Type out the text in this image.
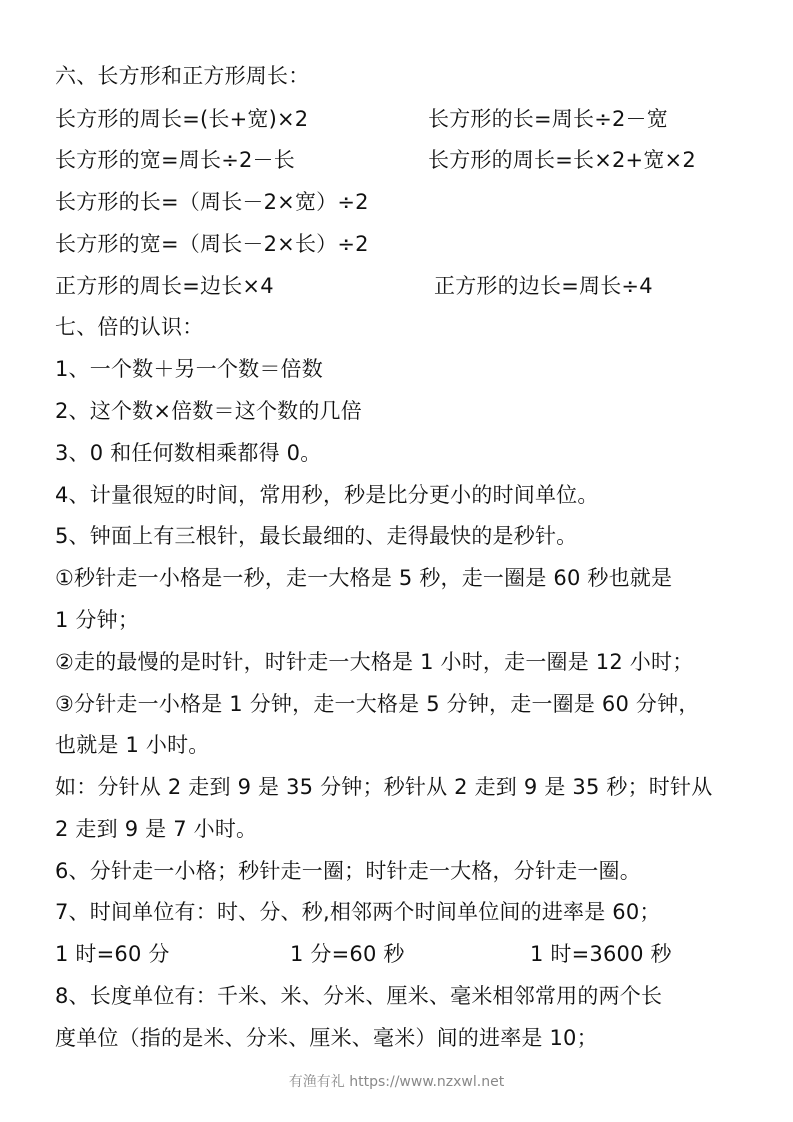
六、长方形和正方形周长：
长方形的周长=(长+宽)×2	长方形的长=周长÷2－宽
长方形的宽=周长÷2－长	长方形的周长=长×2+宽×2
长方形的长=（周长－2×宽）÷2
长方形的宽=（周长－2×长）÷2
正方形的周长=边长×4	正方形的边长=周长÷4
七、倍的认识：
1、一个数＋另一个数＝倍数
2、这个数×倍数＝这个数的几倍
3、0 和任何数相乘都得 0。
4、计量很短的时间，常用秒，秒是比分更小的时间单位。
5、钟面上有三根针，最长最细的、走得最快的是秒针。
①秒针走一小格是一秒，走一大格是 5 秒，走一圈是 60 秒也就是
1 分钟；
②走的最慢的是时针，时针走一大格是 1 小时，走一圈是 12 小时；
③分针走一小格是 1 分钟，走一大格是 5 分钟，走一圈是 60 分钟，
也就是 1 小时。
如：分针从 2 走到 9 是 35 分钟；秒针从 2 走到 9 是 35 秒；时针从
2 走到 9 是 7 小时。
6、分针走一小格；秒针走一圈；时针走一大格，分针走一圈。
7、时间单位有：时、分、秒,相邻两个时间单位间的进率是 60；
1 时=60 分	1 分=60 秒	1 时=3600 秒
8、长度单位有：千米、米、分米、厘米、毫米相邻常用的两个长
度单位（指的是米、分米、厘米、毫米）间的进率是 10；
有渔有礼 https://www.nzxwl.net
